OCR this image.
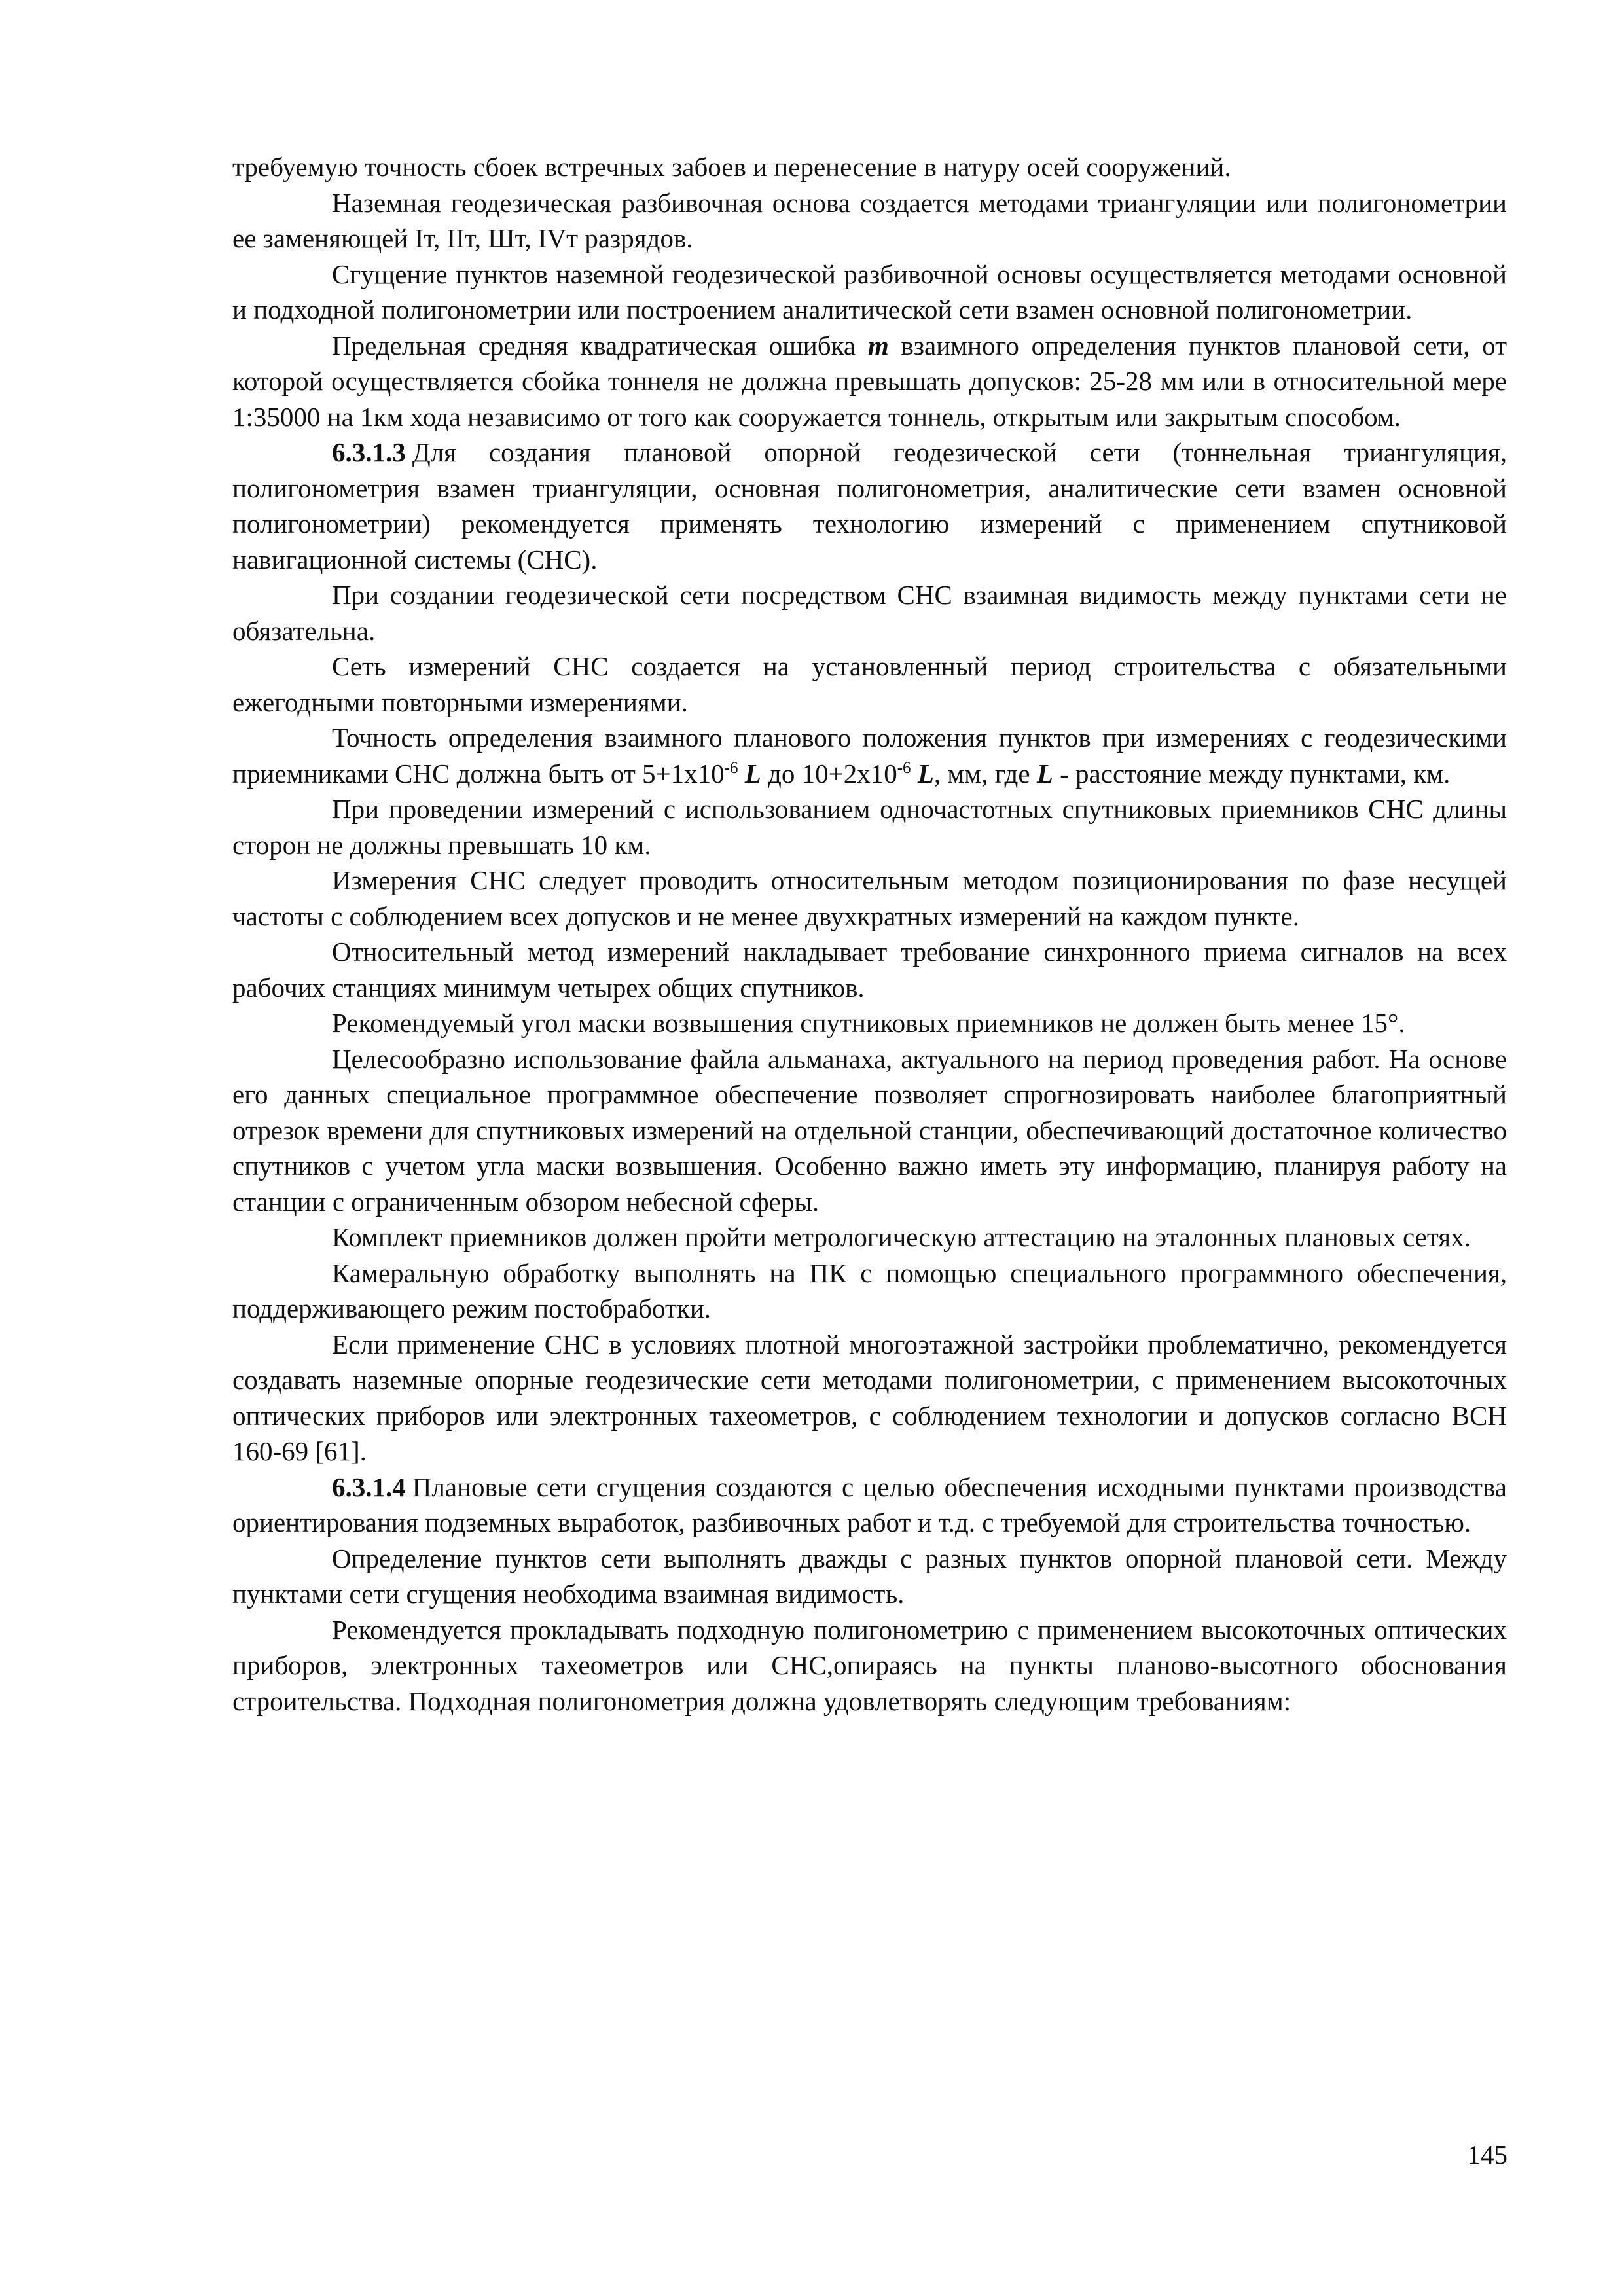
требуемую точность сбоек встречных забоев и перенесение в натуру осей сооружений.

Наземная геодезическая разбивочная основа создается методами триангуляции или полигонометрии ее заменяющей Iт, IIт, Шт, IVт разрядов.

Сгущение пунктов наземной геодезической разбивочной основы осуществляется методами основной и подходной полигонометрии или построением аналитической сети взамен основной полигонометрии.

Предельная средняя квадратическая ошибка m взаимного определения пунктов плановой сети, от которой осуществляется сбойка тоннеля не должна превышать допусков: 25-28 мм или в относительной мере 1:35000 на 1км хода независимо от того как сооружается тоннель, открытым или закрытым способом.

6.3.1.3 Для создания плановой опорной геодезической сети (тоннельная триангуляция, полигонометрия взамен триангуляции, основная полигонометрия, аналитические сети взамен основной полигонометрии) рекомендуется применять технологию измерений с применением спутниковой навигационной системы (СНС).

При создании геодезической сети посредством СНС взаимная видимость между пунктами сети не обязательна.

Сеть измерений СНС создается на установленный период строительства с обязательными ежегодными повторными измерениями.

Точность определения взаимного планового положения пунктов при измерениях с геодезическими приемниками СНС должна быть от $5+1х10^{-6}$ L до $10+2х10^{-6}$ L, мм, где L - расстояние между пунктами, км.

При проведении измерений с использованием одночастотных спутниковых приемников СНС длины сторон не должны превышать 10 км.

Измерения СНС следует проводить относительным методом позиционирования по фазе несущей частоты с соблюдением всех допусков и не менее двухкратных измерений на каждом пункте.

Относительный метод измерений накладывает требование синхронного приема сигналов на всех рабочих станциях минимум четырех общих спутников.

Рекомендуемый угол маски возвышения спутниковых приемников не должен быть менее 15°.

Целесообразно использование файла альманаха, актуального на период проведения работ. На основе его данных специальное программное обеспечение позволяет спрогнозировать наиболее благоприятный отрезок времени для спутниковых измерений на отдельной станции, обеспечивающий достаточное количество спутников с учетом угла маски возвышения. Особенно важно иметь эту информацию, планируя работу на станции с ограниченным обзором небесной сферы.

Комплект приемников должен пройти метрологическую аттестацию на эталонных плановых сетях.

Камеральную обработку выполнять на ПК с помощью специального программного обеспечения, поддерживающего режим постобработки.

Если применение СНС в условиях плотной многоэтажной застройки проблематично, рекомендуется создавать наземные опорные геодезические сети методами полигонометрии, с применением высокоточных оптических приборов или электронных тахеометров, с соблюдением технологии и допусков согласно ВСН 160-69 [61].

6.3.1.4 Плановые сети сгущения создаются с целью обеспечения исходными пунктами производства ориентирования подземных выработок, разбивочных работ и т.д. с требуемой для строительства точностью.

Определение пунктов сети выполнять дважды с разных пунктов опорной плановой сети. Между пунктами сети сгущения необходима взаимная видимость.

Рекомендуется прокладывать подходную полигонометрию с применением высокоточных оптических приборов, электронных тахеометров или СНС,опираясь на пункты планово-высотного обоснования строительства. Подходная полигонометрия должна удовлетворять следующим требованиям:

145
